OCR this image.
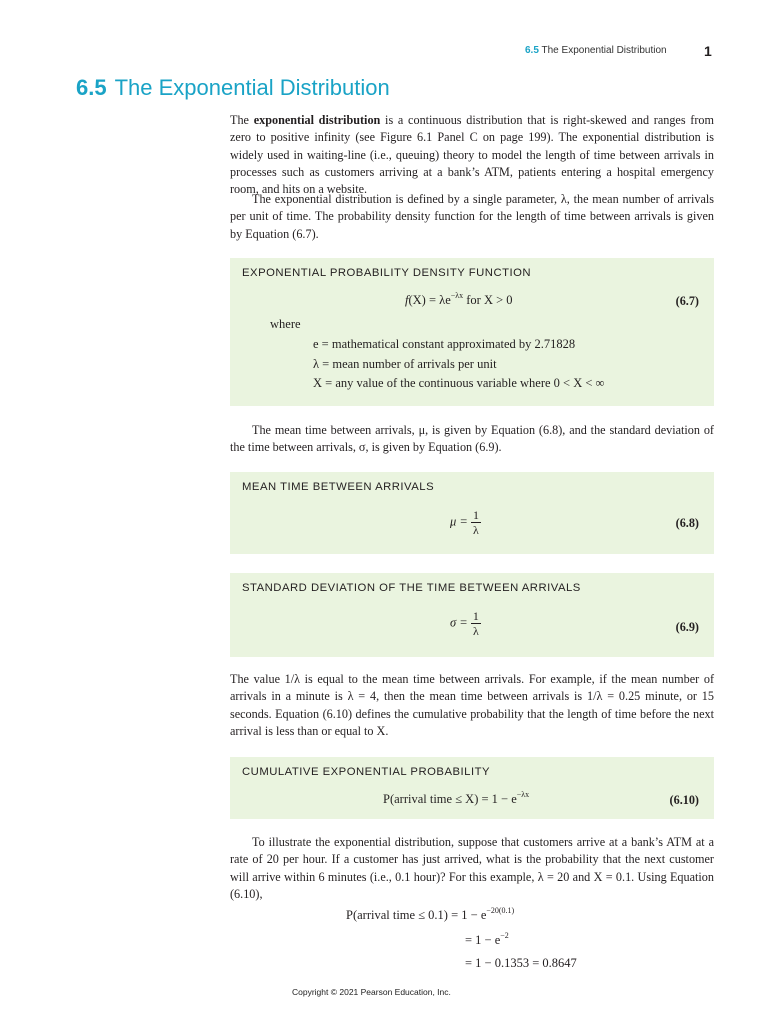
6.5 The Exponential Distribution	1
6.5 The Exponential Distribution

The exponential distribution is a continuous distribution that is right-skewed and ranges from zero to positive infinity (see Figure 6.1 Panel C on page 199). The exponential distribution is widely used in waiting-line (i.e., queuing) theory to model the length of time between arrivals in processes such as customers arriving at a bank’s ATM, patients entering a hospital emergency room, and hits on a website.

The exponential distribution is defined by a single parameter, λ, the mean number of arrivals per unit of time. The probability density function for the length of time between arrivals is given by Equation (6.7).

EXPONENTIAL PROBABILITY DENSITY FUNCTION
$f(X) = \lambda e^{-\lambda x}$ for X > 0	(6.7)
where
e = mathematical constant approximated by 2.71828
λ = mean number of arrivals per unit
X = any value of the continuous variable where 0 < X < ∞

The mean time between arrivals, μ, is given by Equation (6.8), and the standard deviation of the time between arrivals, σ, is given by Equation (6.9).

MEAN TIME BETWEEN ARRIVALS
$\mu = \frac{1}{\lambda}$	(6.8)
STANDARD DEVIATION OF THE TIME BETWEEN ARRIVALS
$\sigma = \frac{1}{\lambda}$	(6.9)

The value 1/λ is equal to the mean time between arrivals. For example, if the mean number of arrivals in a minute is λ = 4, then the mean time between arrivals is 1/λ = 0.25 minute, or 15 seconds. Equation (6.10) defines the cumulative probability that the length of time before the next arrival is less than or equal to X.

CUMULATIVE EXPONENTIAL PROBABILITY
P(arrival time ≤ $X) = 1 - e^{-\lambda x}$	(6.10)

To illustrate the exponential distribution, suppose that customers arrive at a bank’s ATM at a rate of 20 per hour. If a customer has just arrived, what is the probability that the next customer will arrive within 6 minutes (i.e., 0.1 hour)? For this example, λ = 20 and X = 0.1. Using Equation (6.10),

P(arrival time ≤ $0.1) = 1 - e^{-20(0.1)}$
= $1 - e^{-2}$
= 1 − 0.1353 = 0.8647
Copyright © 2021 Pearson Education, Inc.
